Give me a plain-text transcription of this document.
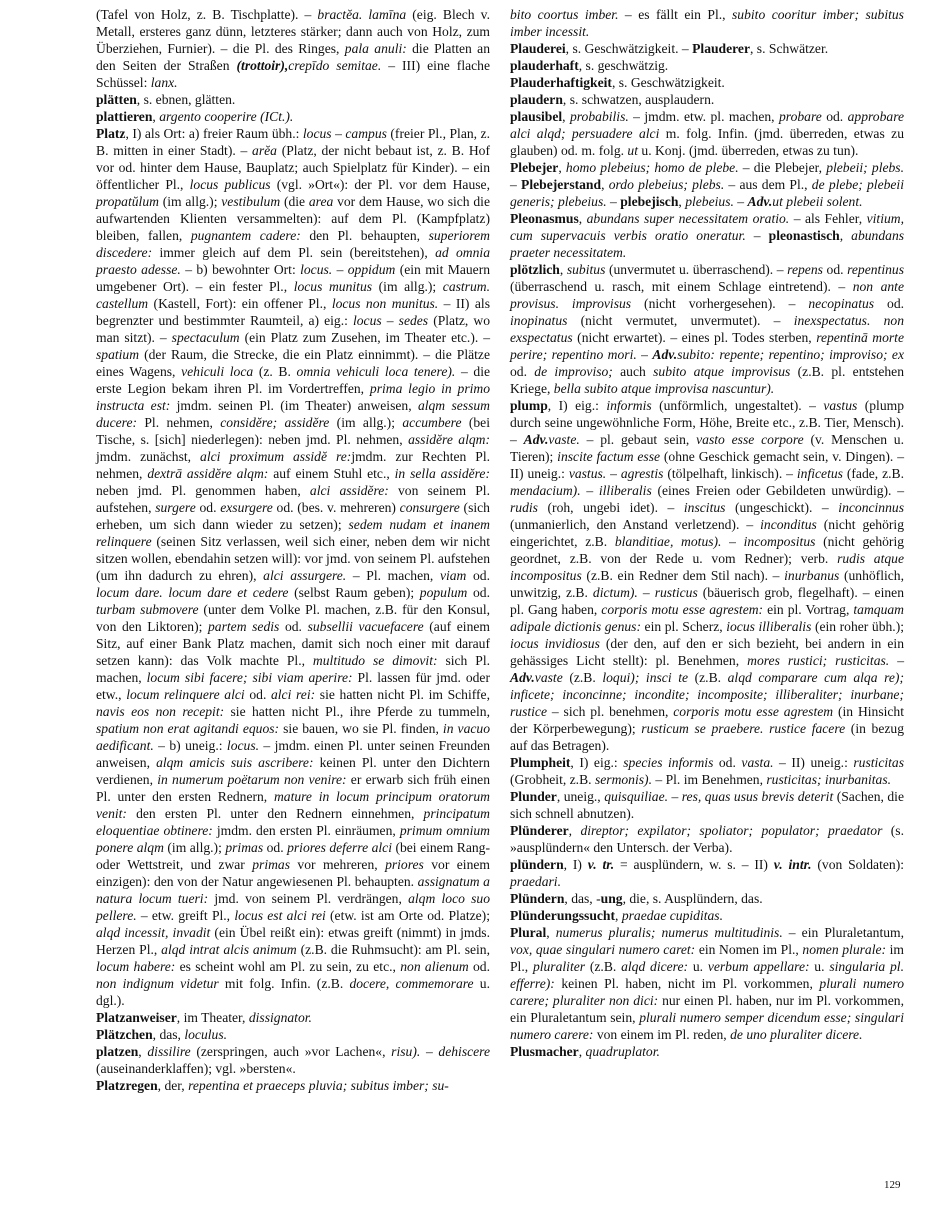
(Tafel von Holz, z. B. Tischplatte). – bractĕa. lamīna (eig. Blech v. Metall, ersteres ganz dünn, letzteres stärker; dann auch von Holz, zum Überziehen, Furnier). – die Pl. des Ringes, pala anuli: die Platten an den Seiten der Straßen (trottoir),crepīdo semitae. – III) eine flache Schüssel: lanx.

plätten, s. ebnen, glätten.

plattieren, argento cooperire (ICt.).

Platz, I) als Ort: a) freier Raum übh.: locus – campus (freier Pl., Plan, z. B. mitten in einer Stadt). – arĕa (Platz, der nicht bebaut ist, z. B. Hof vor od. hinter dem Hause, Bauplatz; auch Spielplatz für Kinder). – ein öffentlicher Pl., locus publicus (vgl. »Ort«): der Pl. vor dem Hause, propatŭlum (im allg.); vestibulum (die area vor dem Hause, wo sich die aufwartenden Klienten versammelten): auf dem Pl. (Kampfplatz) bleiben, fallen, pugnantem cadere: den Pl. behaupten, superiorem discedere: immer gleich auf dem Pl. sein (bereitstehen), ad omnia praesto adesse. – b) bewohnter Ort: locus. – oppidum (ein mit Mauern umgebener Ort). – ein fester Pl., locus munitus (im allg.); castrum. castellum (Kastell, Fort): ein offener Pl., locus non munitus. – II) als begrenzter und bestimmter Raumteil, a) eig.: locus – sedes (Platz, wo man sitzt). – spectaculum (ein Platz zum Zusehen, im Theater etc.). – spatium (der Raum, die Strecke, die ein Platz einnimmt). – die Plätze eines Wagens, vehiculi loca (z. B. omnia vehiculi loca tenere). – die erste Legion bekam ihren Pl. im Vordertreffen, prima legio in primo instructa est: jmdm. seinen Pl. (im Theater) anweisen, alqm sessum ducere: Pl. nehmen, considĕre; assidĕre (im allg.); accumbere (bei Tische, s. [sich] niederlegen): neben jmd. Pl. nehmen, assidĕre alqm: jmdm. zunächst, alci proximum assidĕ re:jmdm. zur Rechten Pl. nehmen, dextrā assidĕre alqm: auf einem Stuhl etc., in sella assidĕre: neben jmd. Pl. genommen haben, alci assidĕre: von seinem Pl. aufstehen, surgere od. exsurgere od. (bes. v. mehreren) consurgere (sich erheben, um sich dann wieder zu setzen); sedem nudam et inanem relinquere (seinen Sitz verlassen, weil sich einer, neben dem wir nicht sitzen wollen, ebendahin setzen will): vor jmd. von seinem Pl. aufstehen (um ihn dadurch zu ehren), alci assurgere. – Pl. machen, viam od. locum dare. locum dare et cedere (selbst Raum geben); populum od. turbam submovere (unter dem Volke Pl. machen, z.B. für den Konsul, von den Liktoren); partem sedis od. subsellii vacuefacere (auf einem Sitz, auf einer Bank Platz machen, damit sich noch einer mit darauf setzen kann): das Volk machte Pl., multitudo se dimovit: sich Pl. machen, locum sibi facere; sibi viam aperire: Pl. lassen für jmd. oder etw., locum relinquere alci od. alci rei: sie hatten nicht Pl. im Schiffe, navis eos non recepit: sie hatten nicht Pl., ihre Pferde zu tummeln, spatium non erat agitandi equos: sie bauen, wo sie Pl. finden, in vacuo aedificant. – b) uneig.: locus. – jmdm. einen Pl. unter seinen Freunden anweisen, alqm amicis suis ascribere: keinen Pl. unter den Dichtern verdienen, in numerum poëtarum non venire: er erwarb sich früh einen Pl. unter den ersten Rednern, mature in locum principum oratorum venit: den ersten Pl. unter den Rednern einnehmen, principatum eloquentiae obtinere: jmdm. den ersten Pl. einräumen, primum omnium ponere alqm (im allg.); primas od. priores deferre alci (bei einem Rang- oder Wettstreit, und zwar primas vor mehreren, priores vor einem einzigen): den von der Natur angewiesenen Pl. behaupten. assignatum a natura locum tueri: jmd. von seinem Pl. verdrängen, alqm loco suo pellere. – etw. greift Pl., locus est alci rei (etw. ist am Orte od. Platze); alqd incessit, invadit (ein Übel reißt ein): etwas greift (nimmt) in jmds. Herzen Pl., alqd intrat alcis animum (z.B. die Ruhmsucht): am Pl. sein, locum habere: es scheint wohl am Pl. zu sein, zu etc., non alienum od. non indignum videtur mit folg. Infin. (z.B. docere, commemorare u. dgl.).

Platzanweiser, im Theater, dissignator.

Plätzchen, das, loculus.

platzen, dissilire (zerspringen, auch »vor Lachen«, risu). – dehiscere (auseinanderklaffen); vgl. »bersten«.

Platzregen, der, repentina et praeceps pluvia; subitus imber; su-

bito coortus imber. – es fällt ein Pl., subito cooritur imber; subitus imber incessit.

Plauderei, s. Geschwätzigkeit. – Plauderer, s. Schwätzer.

plauderhaft, s. geschwätzig.

Plauderhaftigkeit, s. Geschwätzigkeit.

plaudern, s. schwatzen, ausplaudern.

plausibel, probabilis. – jmdm. etw. pl. machen, probare od. approbare alci alqd; persuadere alci m. folg. Infin. (jmd. überreden, etwas zu glauben) od. m. folg. ut u. Konj. (jmd. überreden, etwas zu tun).

Plebejer, homo plebeius; homo de plebe. – die Plebejer, plebeii; plebs. – Plebejerstand, ordo plebeius; plebs. – aus dem Pl., de plebe; plebeii generis; plebeius. – plebejisch, plebeius. – Adv.ut plebeii solent.

Pleonasmus, abundans super necessitatem oratio. – als Fehler, vitium, cum supervacuis verbis oratio oneratur. – pleonastisch, abundans praeter necessitatem.

plötzlich, subitus (unvermutet u. überraschend). – repens od. repentinus (überraschend u. rasch, mit einem Schlage eintretend). – non ante provisus. improvisus (nicht vorhergesehen). – necopinatus od. inopinatus (nicht vermutet, unvermutet). – inexspectatus. non exspectatus (nicht erwartet). – eines pl. Todes sterben, repentinā morte perire; repentino mori. – Adv.subito: repente; repentino; improviso; ex od. de improviso; auch subito atque improvisus (z.B. pl. entstehen Kriege, bella subito atque improvisa nascuntur).

plump, I) eig.: informis (unförmlich, ungestaltet). – vastus (plump durch seine ungewöhnliche Form, Höhe, Breite etc., z.B. Tier, Mensch). – Adv.vaste. – pl. gebaut sein, vasto esse corpore (v. Menschen u. Tieren); inscite factum esse (ohne Geschick gemacht sein, v. Dingen). – II) uneig.: vastus. – agrestis (tölpelhaft, linkisch). – inficetus (fade, z.B. mendacium). – illiberalis (eines Freien oder Gebildeten unwürdig). – rudis (roh, ungebi idet). – inscitus (ungeschickt). – inconcinnus (unmanierlich, den Anstand verletzend). – inconditus (nicht gehörig eingerichtet, z.B. blanditiae, motus). – incompositus (nicht gehörig geordnet, z.B. von der Rede u. vom Redner); verb. rudis atque incompositus (z.B. ein Redner dem Stil nach). – inurbanus (unhöflich, unwitzig, z.B. dictum). – rusticus (bäuerisch grob, flegelhaft). – einen pl. Gang haben, corporis motu esse agrestem: ein pl. Vortrag, tamquam adipale dictionis genus: ein pl. Scherz, iocus illiberalis (ein roher übh.); iocus invidiosus (der den, auf den er sich bezieht, bei andern in ein gehässiges Licht stellt): pl. Benehmen, mores rustici; rusticitas. – Adv.vaste (z.B. loqui); insci te (z.B. alqd comparare cum alqa re); inficete; inconcinne; incondite; incomposite; illiberaliter; inurbane; rustice – sich pl. benehmen, corporis motu esse agrestem (in Hinsicht der Körperbewegung); rusticum se praebere. rustice facere (in bezug auf das Betragen).

Plumpheit, I) eig.: species informis od. vasta. – II) uneig.: rusticitas (Grobheit, z.B. sermonis). – Pl. im Benehmen, rusticitas; inurbanitas.

Plunder, uneig., quisquiliae. – res, quas usus brevis deterit (Sachen, die sich schnell abnutzen).

Plünderer, direptor; expilator; spoliator; populator; praedator (s. »ausplündern« den Untersch. der Verba).

plündern, I) v. tr. = ausplündern, w. s. – II) v. intr. (von Soldaten): praedari.

Plündern, das, -ung, die, s. Ausplündern, das.

Plünderungssucht, praedae cupiditas.

Plural, numerus pluralis; numerus multitudinis. – ein Pluraletantum, vox, quae singulari numero caret: ein Nomen im Pl., nomen plurale: im Pl., pluraliter (z.B. alqd dicere: u. verbum appellare: u. singularia pl. efferre): keinen Pl. haben, nicht im Pl. vorkommen, plurali numero carere; pluraliter non dici: nur einen Pl. haben, nur im Pl. vorkommen, ein Pluraletantum sein, plurali numero semper dicendum esse; singulari numero carere: von einem im Pl. reden, de uno pluraliter dicere.

Plusmacher, quadruplator.

129
